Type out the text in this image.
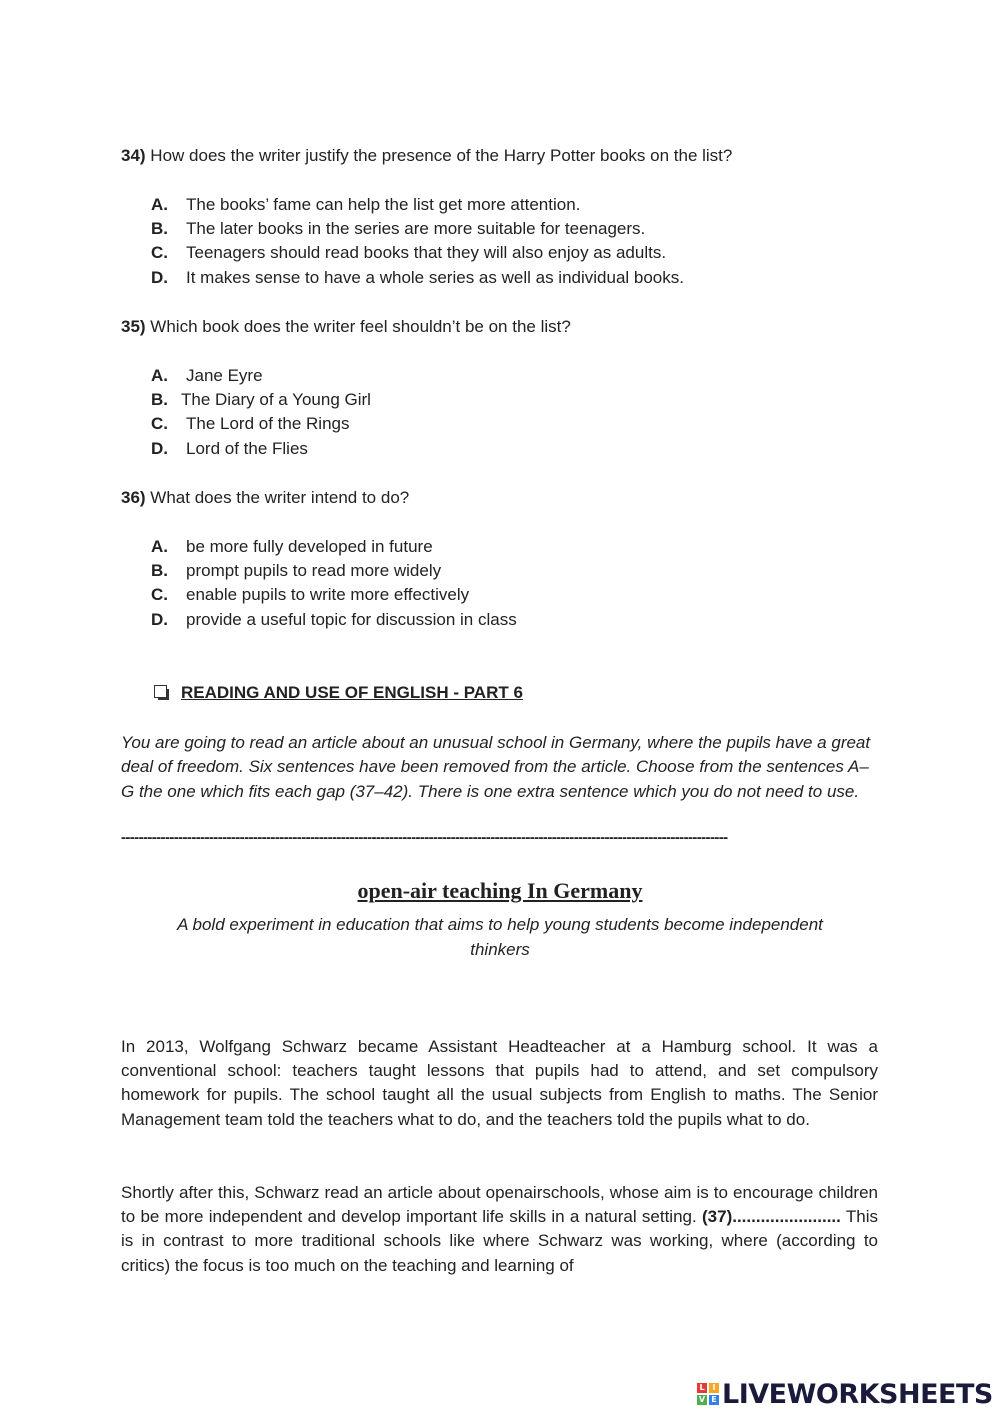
34) How does the writer justify the presence of the Harry Potter books on the list?
A. The books’ fame can help the list get more attention.
B. The later books in the series are more suitable for teenagers.
C. Teenagers should read books that they will also enjoy as adults.
D. It makes sense to have a whole series as well as individual books.
35) Which book does the writer feel shouldn’t be on the list?
A. Jane Eyre
B. The Diary of a Young Girl
C. The Lord of the Rings
D. Lord of the Flies
36) What does the writer intend to do?
A. be more fully developed in future
B. prompt pupils to read more widely
C. enable pupils to write more effectively
D. provide a useful topic for discussion in class
READING AND USE OF ENGLISH - PART 6
You are going to read an article about an unusual school in Germany, where the pupils have a great deal of freedom. Six sentences have been removed from the article. Choose from the sentences A–G the one which fits each gap (37–42). There is one extra sentence which you do not need to use.
------------------------------------------------------------------------------------------------------------------------------------------
open-air teaching In Germany
A bold experiment in education that aims to help young students become independent thinkers
In 2013, Wolfgang Schwarz became Assistant Headteacher at a Hamburg school. It was a conventional school: teachers taught lessons that pupils had to attend, and set compulsory homework for pupils. The school taught all the usual subjects from English to maths. The Senior Management team told the teachers what to do, and the teachers told the pupils what to do.
Shortly after this, Schwarz read an article about openairschools, whose aim is to encourage children to be more independent and develop important life skills in a natural setting. (37)....................... This is in contrast to more traditional schools like where Schwarz was working, where (according to critics) the focus is too much on the teaching and learning of
L I
V E LIVEWORKSHEETS
